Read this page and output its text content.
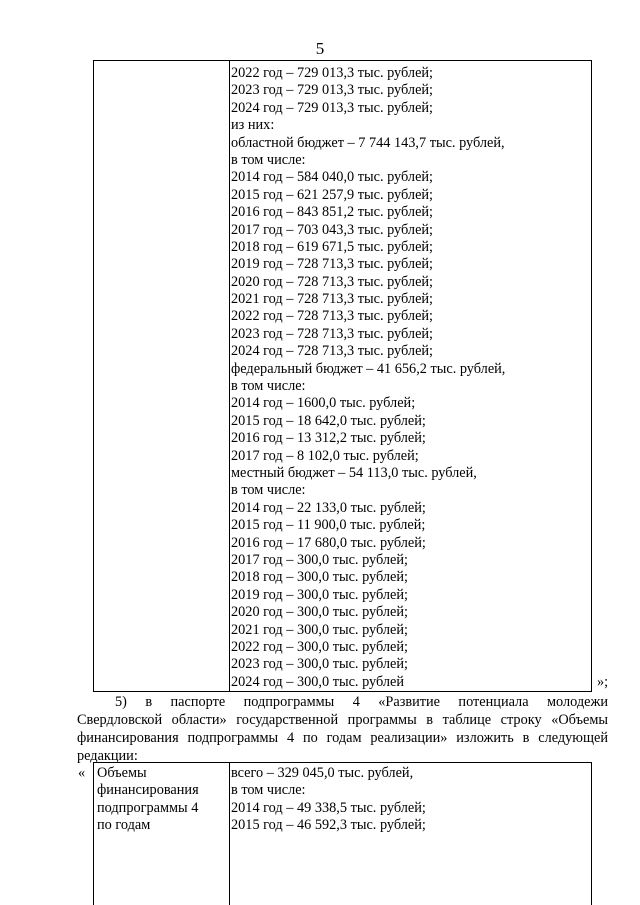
5
2022 год – 729 013,3 тыс. рублей;
2023 год – 729 013,3 тыс. рублей;
2024 год – 729 013,3 тыс. рублей;
из них:
областной бюджет – 7 744 143,7 тыс. рублей,
в том числе:
2014 год – 584 040,0 тыс. рублей;
2015 год – 621 257,9 тыс. рублей;
2016 год – 843 851,2 тыс. рублей;
2017 год – 703 043,3 тыс. рублей;
2018 год – 619 671,5 тыс. рублей;
2019 год – 728 713,3 тыс. рублей;
2020 год – 728 713,3 тыс. рублей;
2021 год – 728 713,3 тыс. рублей;
2022 год – 728 713,3 тыс. рублей;
2023 год – 728 713,3 тыс. рублей;
2024 год – 728 713,3 тыс. рублей;
федеральный бюджет – 41 656,2 тыс. рублей,
в том числе:
2014 год – 1600,0 тыс. рублей;
2015 год – 18 642,0 тыс. рублей;
2016 год – 13 312,2 тыс. рублей;
2017 год – 8 102,0 тыс. рублей;
местный бюджет – 54 113,0 тыс. рублей,
в том числе:
2014 год – 22 133,0 тыс. рублей;
2015 год – 11 900,0 тыс. рублей;
2016 год – 17 680,0 тыс. рублей;
2017 год – 300,0 тыс. рублей;
2018 год – 300,0 тыс. рублей;
2019 год – 300,0 тыс. рублей;
2020 год – 300,0 тыс. рублей;
2021 год – 300,0 тыс. рублей;
2022 год – 300,0 тыс. рублей;
2023 год – 300,0 тыс. рублей;
2024 год – 300,0 тыс. рублей	»;
5) в паспорте подпрограммы 4 «Развитие потенциала молодежи
Свердловской области» государственной программы в таблице строку «Объемы
финансирования подпрограммы 4 по годам реализации» изложить в следующей
редакции:
« Объемы
финансирования
подпрограммы 4
по годам
всего – 329 045,0 тыс. рублей,
в том числе:
2014 год – 49 338,5 тыс. рублей;
2015 год – 46 592,3 тыс. рублей;
